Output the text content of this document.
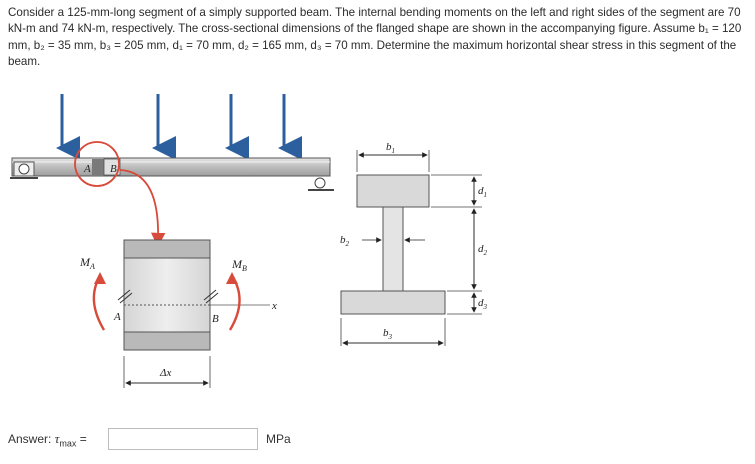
Consider a 125-mm-long segment of a simply supported beam. The internal bending moments on the left and right sides of the segment are 70 kN-m and 74 kN-m, respectively. The cross-sectional dimensions of the flanged shape are shown in the accompanying figure. Assume b₁ = 120 mm, b₂ = 35 mm, b₃ = 205 mm, d₁ = 70 mm, d₂ = 165 mm, d₃ = 70 mm. Determine the maximum horizontal shear stress in this segment of the beam.
A B
x
A	B
$M_A$	$M_B$
Δx
$b_1$
$b_2$
$b_3$
$d_1$
$d_2$
$d_3$
Answer: $\tau_{max}$ =	MPa
